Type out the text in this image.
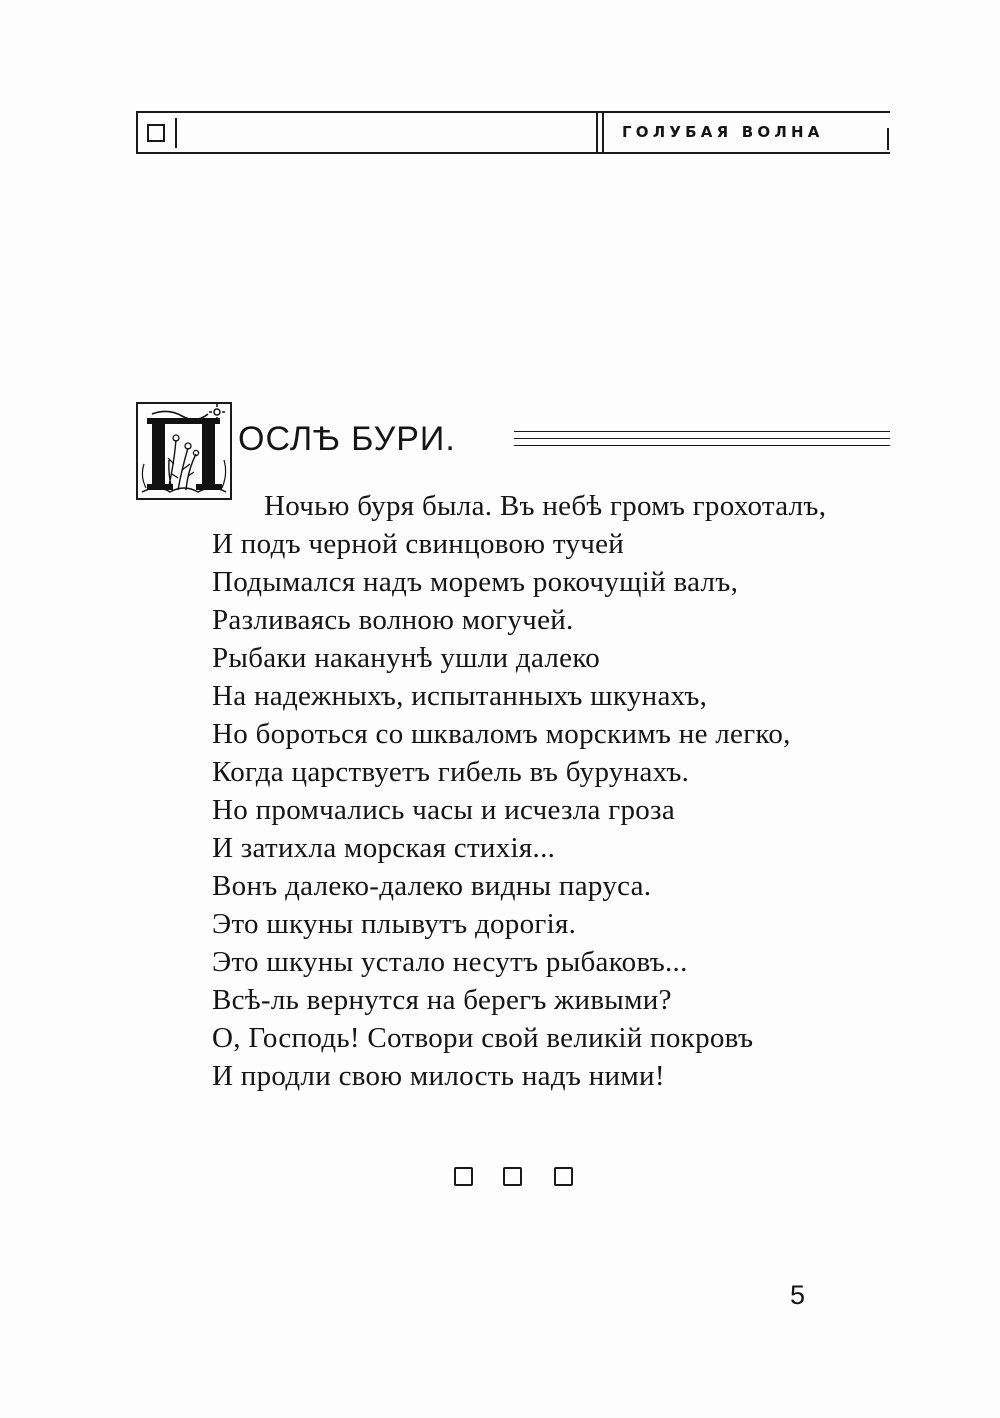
ГОЛУБАЯ ВОЛНА
ОСЛѢ БУРИ.
Ночью буря была. Въ небѣ громъ грохоталъ,
И подъ черной свинцовою тучей
Подымался надъ моремъ рокочущій валъ,
Разливаясь волною могучей.
Рыбаки наканунѣ ушли далеко
На надежныхъ, испытанныхъ шкунахъ,
Но бороться со шкваломъ морскимъ не легко,
Когда царствуетъ гибель въ бурунахъ.
Но промчались часы и исчезла гроза
И затихла морская стихія...
Вонъ далеко-далеко видны паруса.
Это шкуны плывутъ дорогія.
Это шкуны устало несутъ рыбаковъ...
Всѣ-ль вернутся на берегъ живыми?
О, Господь! Сотвори свой великій покровъ
И продли свою милость надъ ними!
5
